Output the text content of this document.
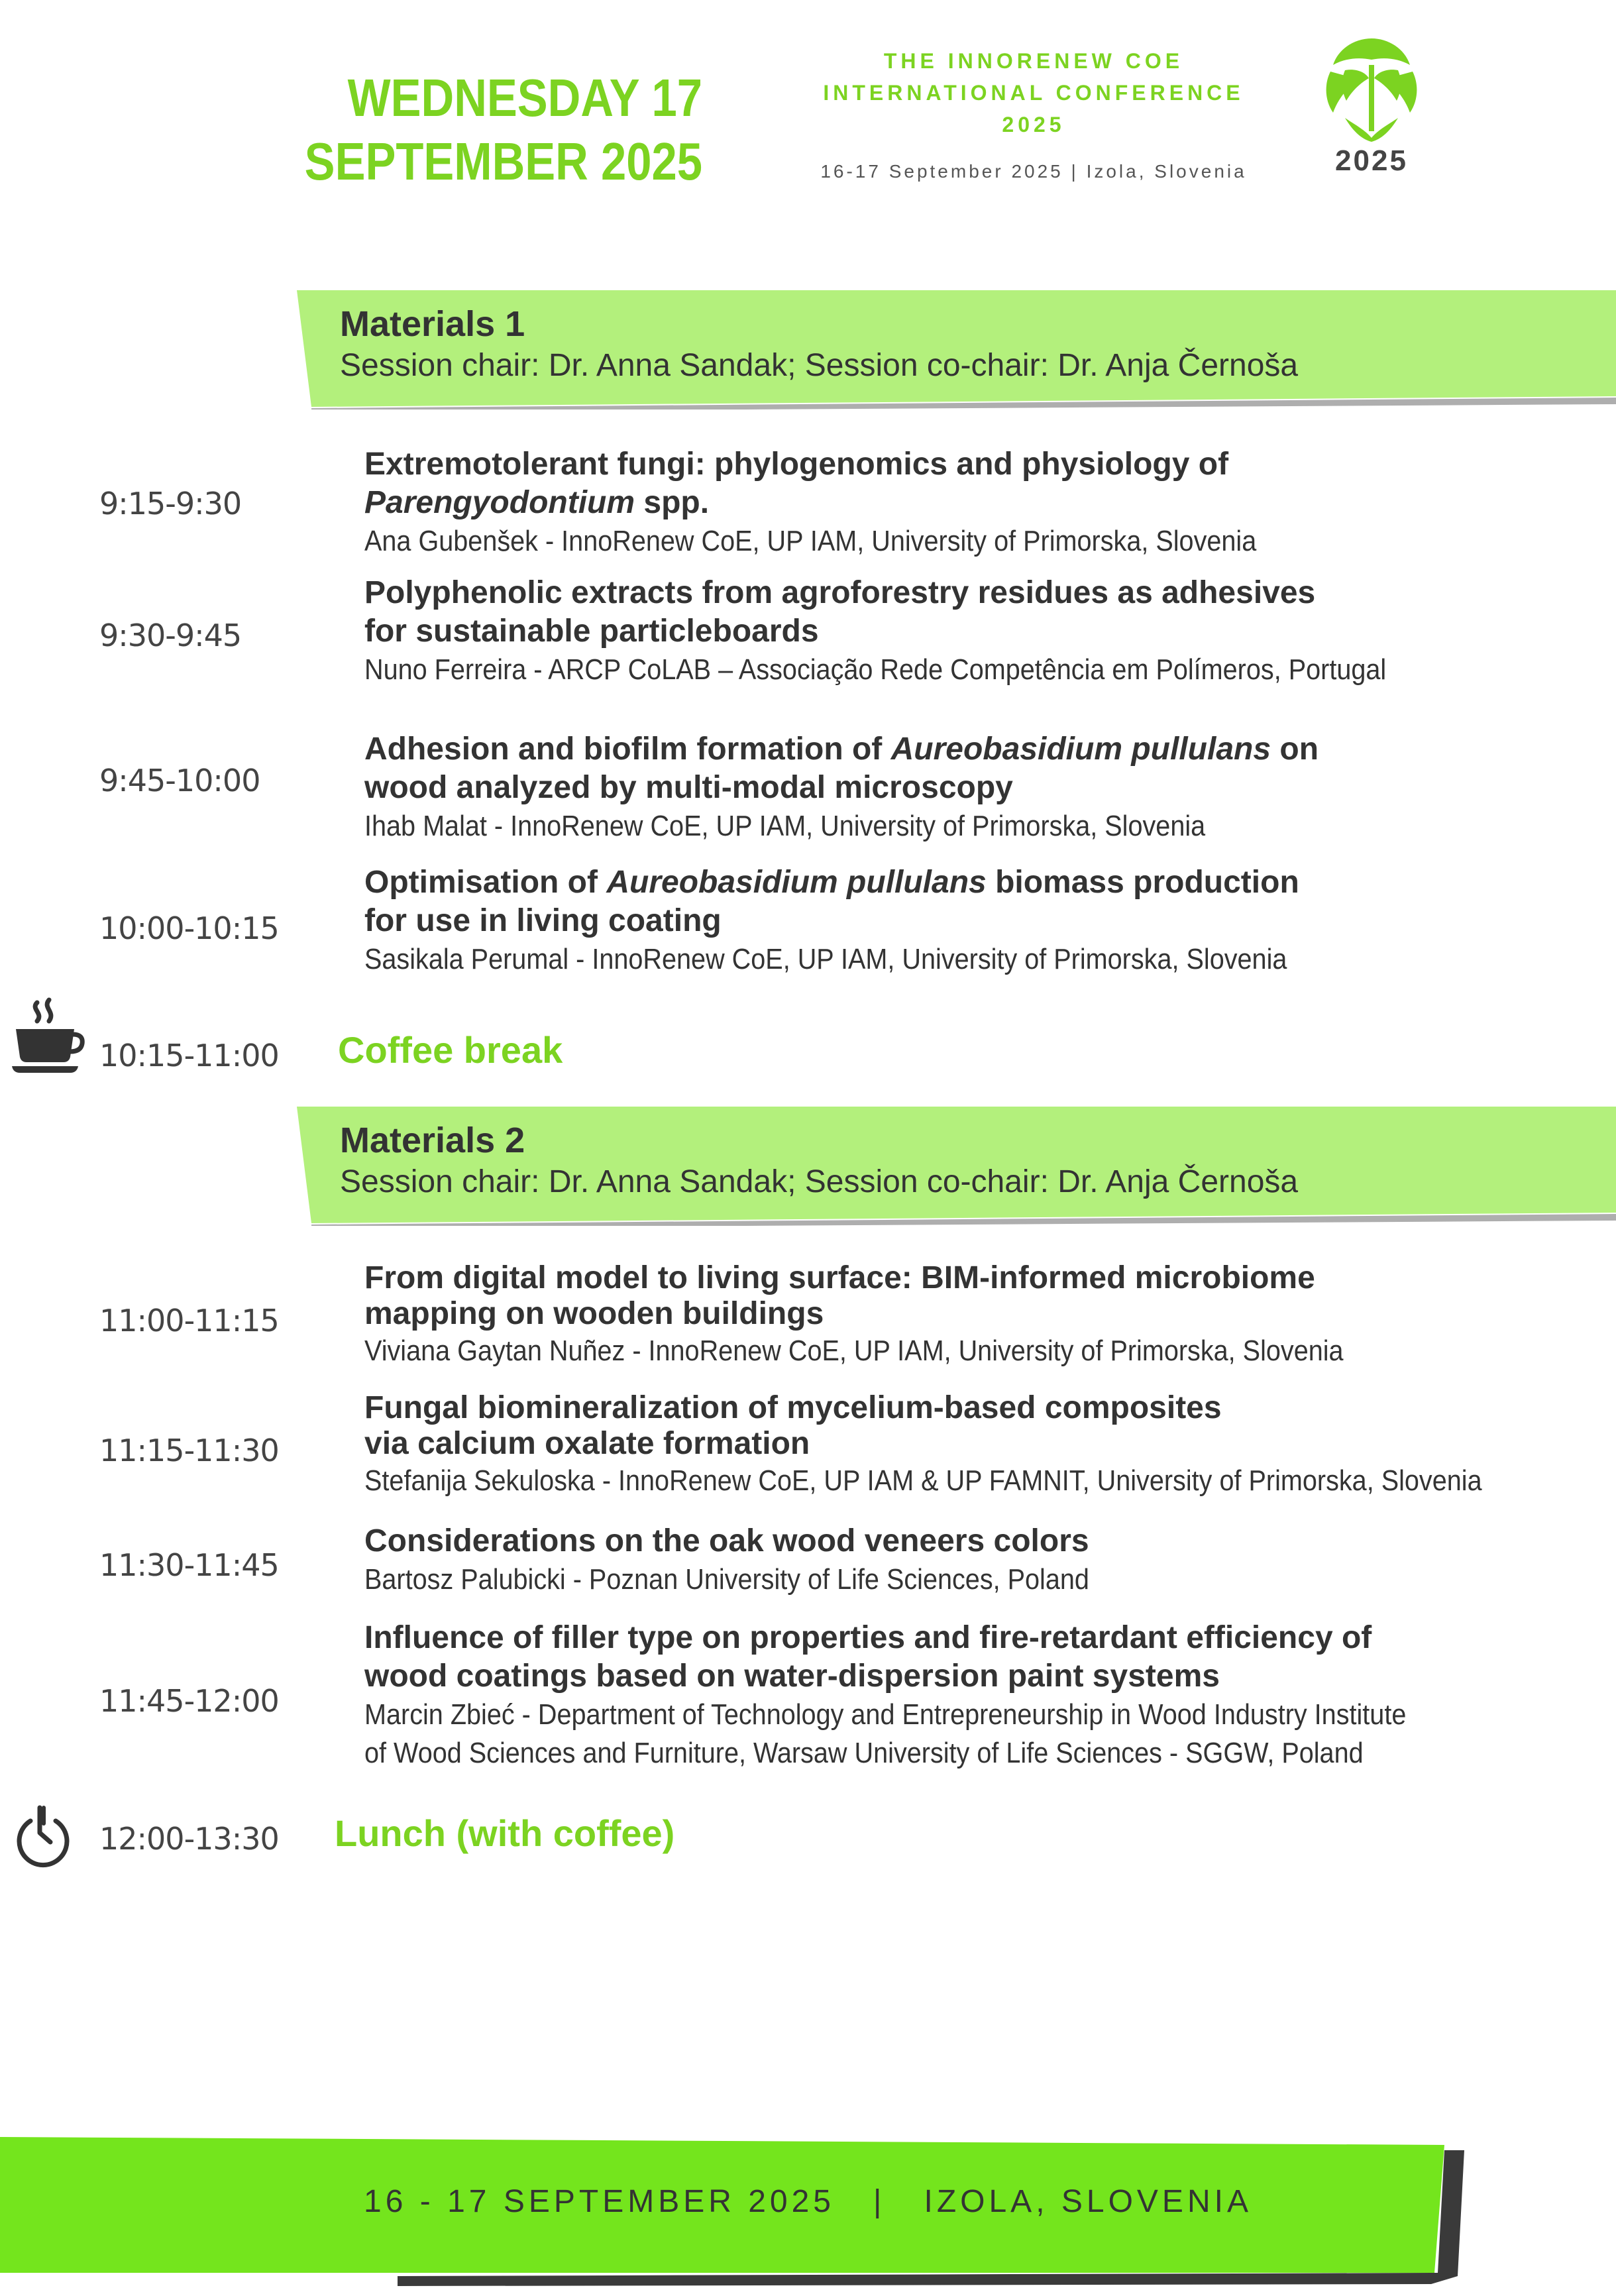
WEDNESDAY 17
SEPTEMBER 2025
THE INNORENEW COE
INTERNATIONAL CONFERENCE
2025
16-17 September 2025 | Izola, Slovenia	2025
Materials 1
Session chair: Dr. Anna Sandak; Session co-chair: Dr. Anja Černoša
9:15-9:30
Extremotolerant fungi: phylogenomics and physiology of
Parengyodontium spp.
Ana Gubenšek - InnoRenew CoE, UP IAM, University of Primorska, Slovenia
9:30-9:45
Polyphenolic extracts from agroforestry residues as adhesives
for sustainable particleboards
Nuno Ferreira - ARCP CoLAB – Associação Rede Competência em Polímeros, Portugal
9:45-10:00
Adhesion and biofilm formation of Aureobasidium pullulans on
wood analyzed by multi-modal microscopy
Ihab Malat - InnoRenew CoE, UP IAM, University of Primorska, Slovenia
10:00-10:15
Optimisation of Aureobasidium pullulans biomass production
for use in living coating
Sasikala Perumal - InnoRenew CoE, UP IAM, University of Primorska, Slovenia
10:15-11:00 Coffee break
Materials 2
Session chair: Dr. Anna Sandak; Session co-chair: Dr. Anja Černoša
11:00-11:15
From digital model to living surface: BIM-informed microbiome
mapping on wooden buildings
Viviana Gaytan Nuñez - InnoRenew CoE, UP IAM, University of Primorska, Slovenia
11:15-11:30
Fungal biomineralization of mycelium-based composites
via calcium oxalate formation
Stefanija Sekuloska - InnoRenew CoE, UP IAM & UP FAMNIT, University of Primorska, Slovenia
11:30-11:45
Considerations on the oak wood veneers colors
Bartosz Palubicki - Poznan University of Life Sciences, Poland
11:45-12:00
Influence of filler type on properties and fire-retardant efficiency of
wood coatings based on water-dispersion paint systems
Marcin Zbieć - Department of Technology and Entrepreneurship in Wood Industry Institute
of Wood Sciences and Furniture, Warsaw University of Life Sciences - SGGW, Poland
12:00-13:30 Lunch (with coffee)
16 - 17 SEPTEMBER 2025   |   IZOLA, SLOVENIA
